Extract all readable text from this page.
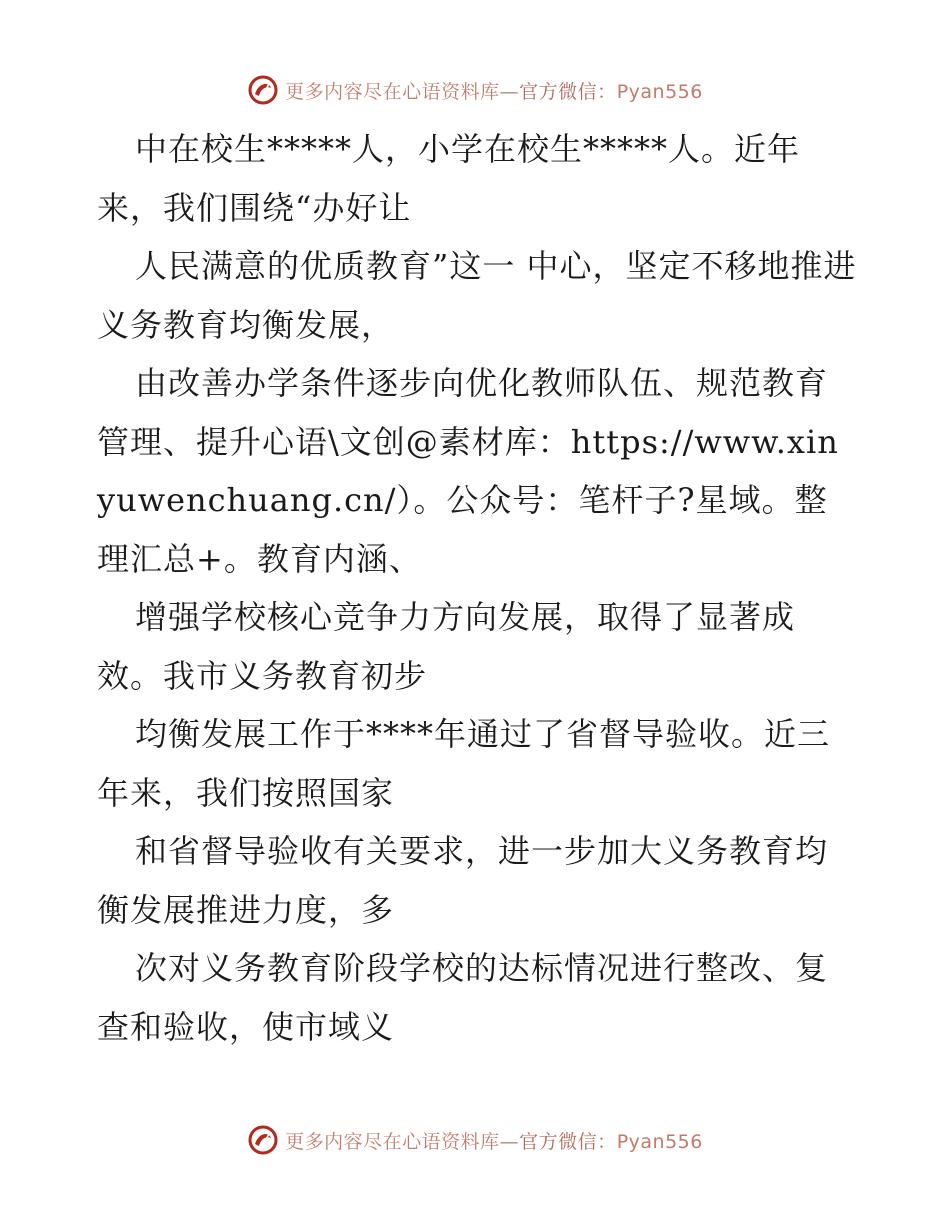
更多内容尽在心语资料库—官方微信：Pyan556

中在校生*****人，小学在校生*****人。近年来，我们围绕“办好让

人民满意的优质教育”这一 中心，坚定不移地推进义务教育均衡发展，

由改善办学条件逐步向优化教师队伍、规范教育管理、提升心语\文创@素材库：https://www.xinyuwenchuang.cn/）。公众号：笔杆子?星域。整理汇总+。教育内涵、

增强学校核心竞争力方向发展，取得了显著成效。我市义务教育初步

均衡发展工作于****年通过了省督导验收。近三年来，我们按照国家

和省督导验收有关要求，进一步加大义务教育均衡发展推进力度，多

次对义务教育阶段学校的达标情况进行整改、复查和验收，使市域义

更多内容尽在心语资料库—官方微信：Pyan556
